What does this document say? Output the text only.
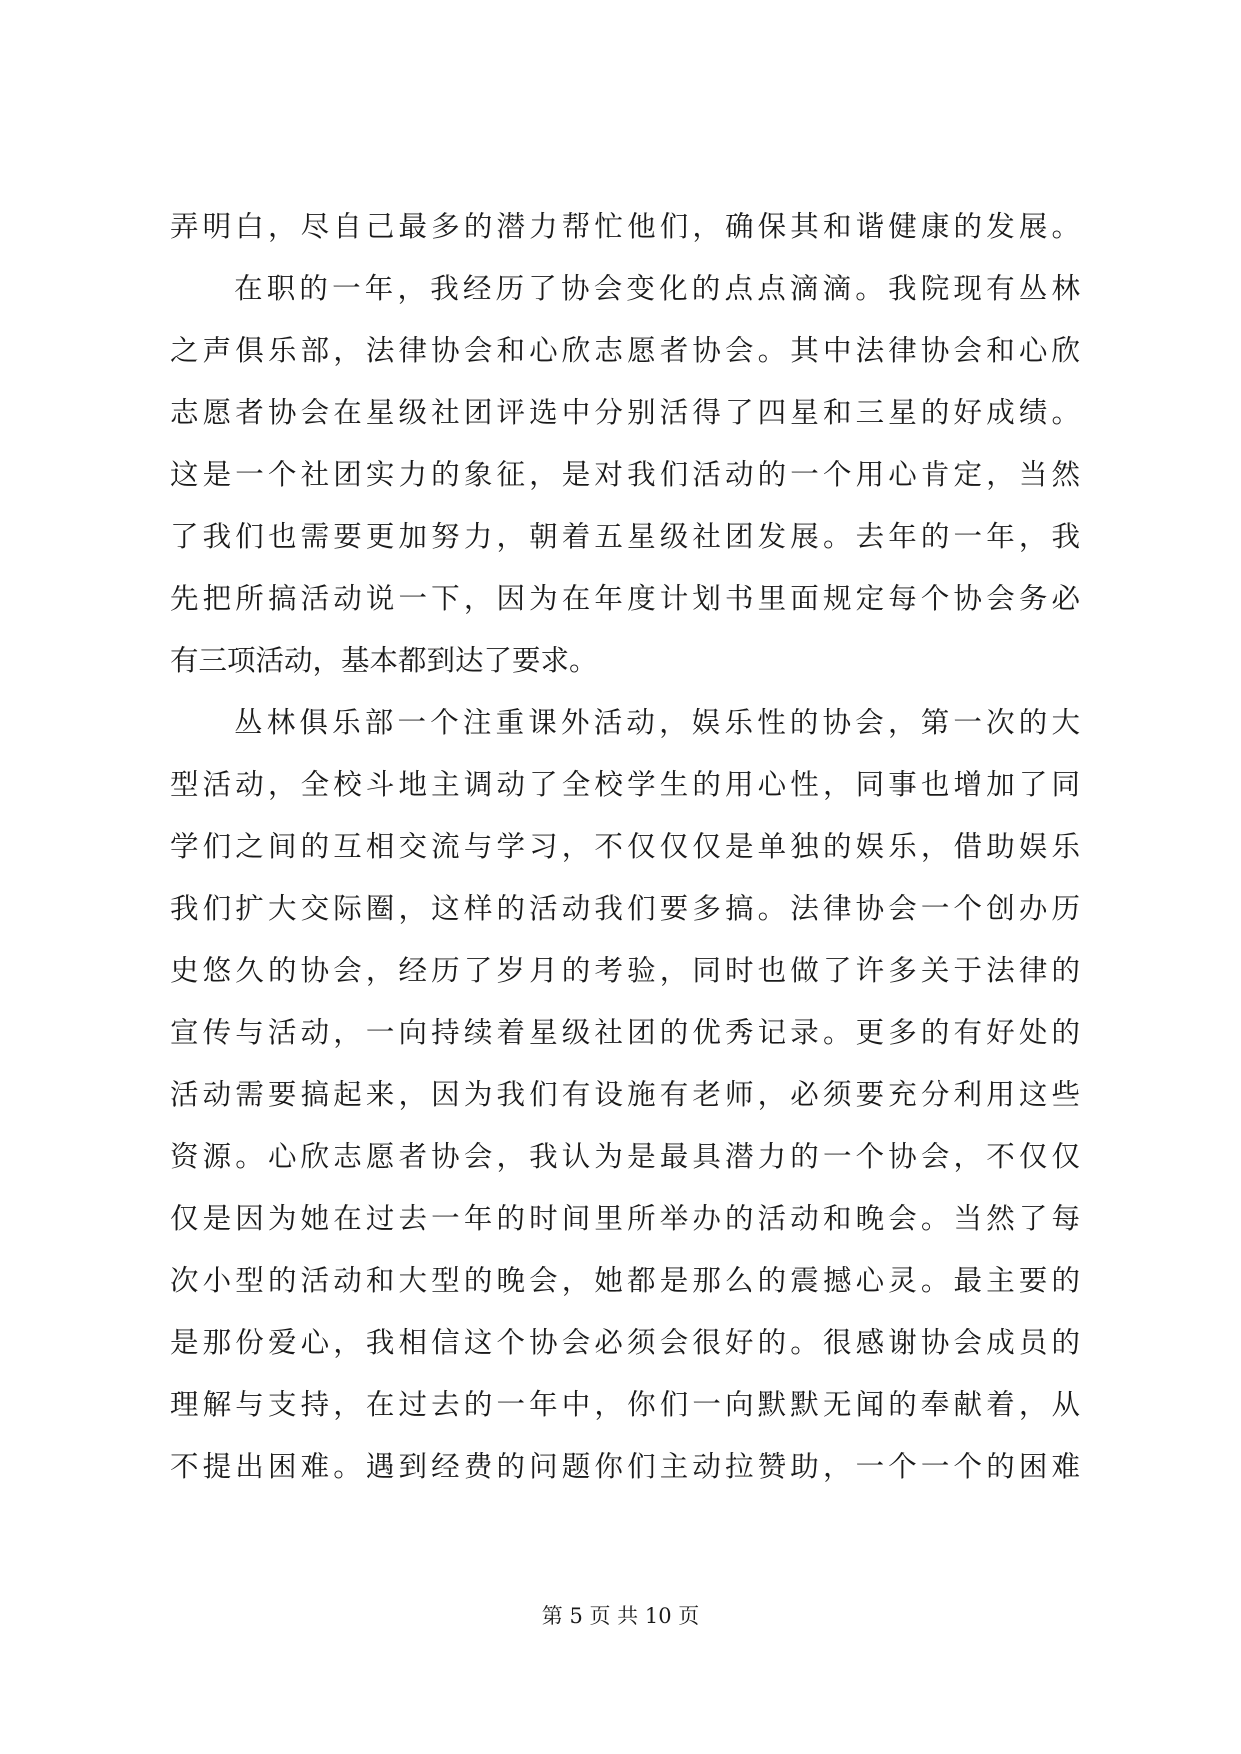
弄明白，尽自己最多的潜力帮忙他们，确保其和谐健康的发展。
在职的一年，我经历了协会变化的点点滴滴。我院现有丛林
之声俱乐部，法律协会和心欣志愿者协会。其中法律协会和心欣
志愿者协会在星级社团评选中分别活得了四星和三星的好成绩。
这是一个社团实力的象征，是对我们活动的一个用心肯定，当然
了我们也需要更加努力，朝着五星级社团发展。去年的一年，我
先把所搞活动说一下，因为在年度计划书里面规定每个协会务必
有三项活动，基本都到达了要求。
丛林俱乐部一个注重课外活动，娱乐性的协会，第一次的大
型活动，全校斗地主调动了全校学生的用心性，同事也增加了同
学们之间的互相交流与学习，不仅仅仅是单独的娱乐，借助娱乐
我们扩大交际圈，这样的活动我们要多搞。法律协会一个创办历
史悠久的协会，经历了岁月的考验，同时也做了许多关于法律的
宣传与活动，一向持续着星级社团的优秀记录。更多的有好处的
活动需要搞起来，因为我们有设施有老师，必须要充分利用这些
资源。心欣志愿者协会，我认为是最具潜力的一个协会，不仅仅
仅是因为她在过去一年的时间里所举办的活动和晚会。当然了每
次小型的活动和大型的晚会，她都是那么的震撼心灵。最主要的
是那份爱心，我相信这个协会必须会很好的。很感谢协会成员的
理解与支持，在过去的一年中，你们一向默默无闻的奉献着，从
不提出困难。遇到经费的问题你们主动拉赞助，一个一个的困难
第 5 页 共 10 页
